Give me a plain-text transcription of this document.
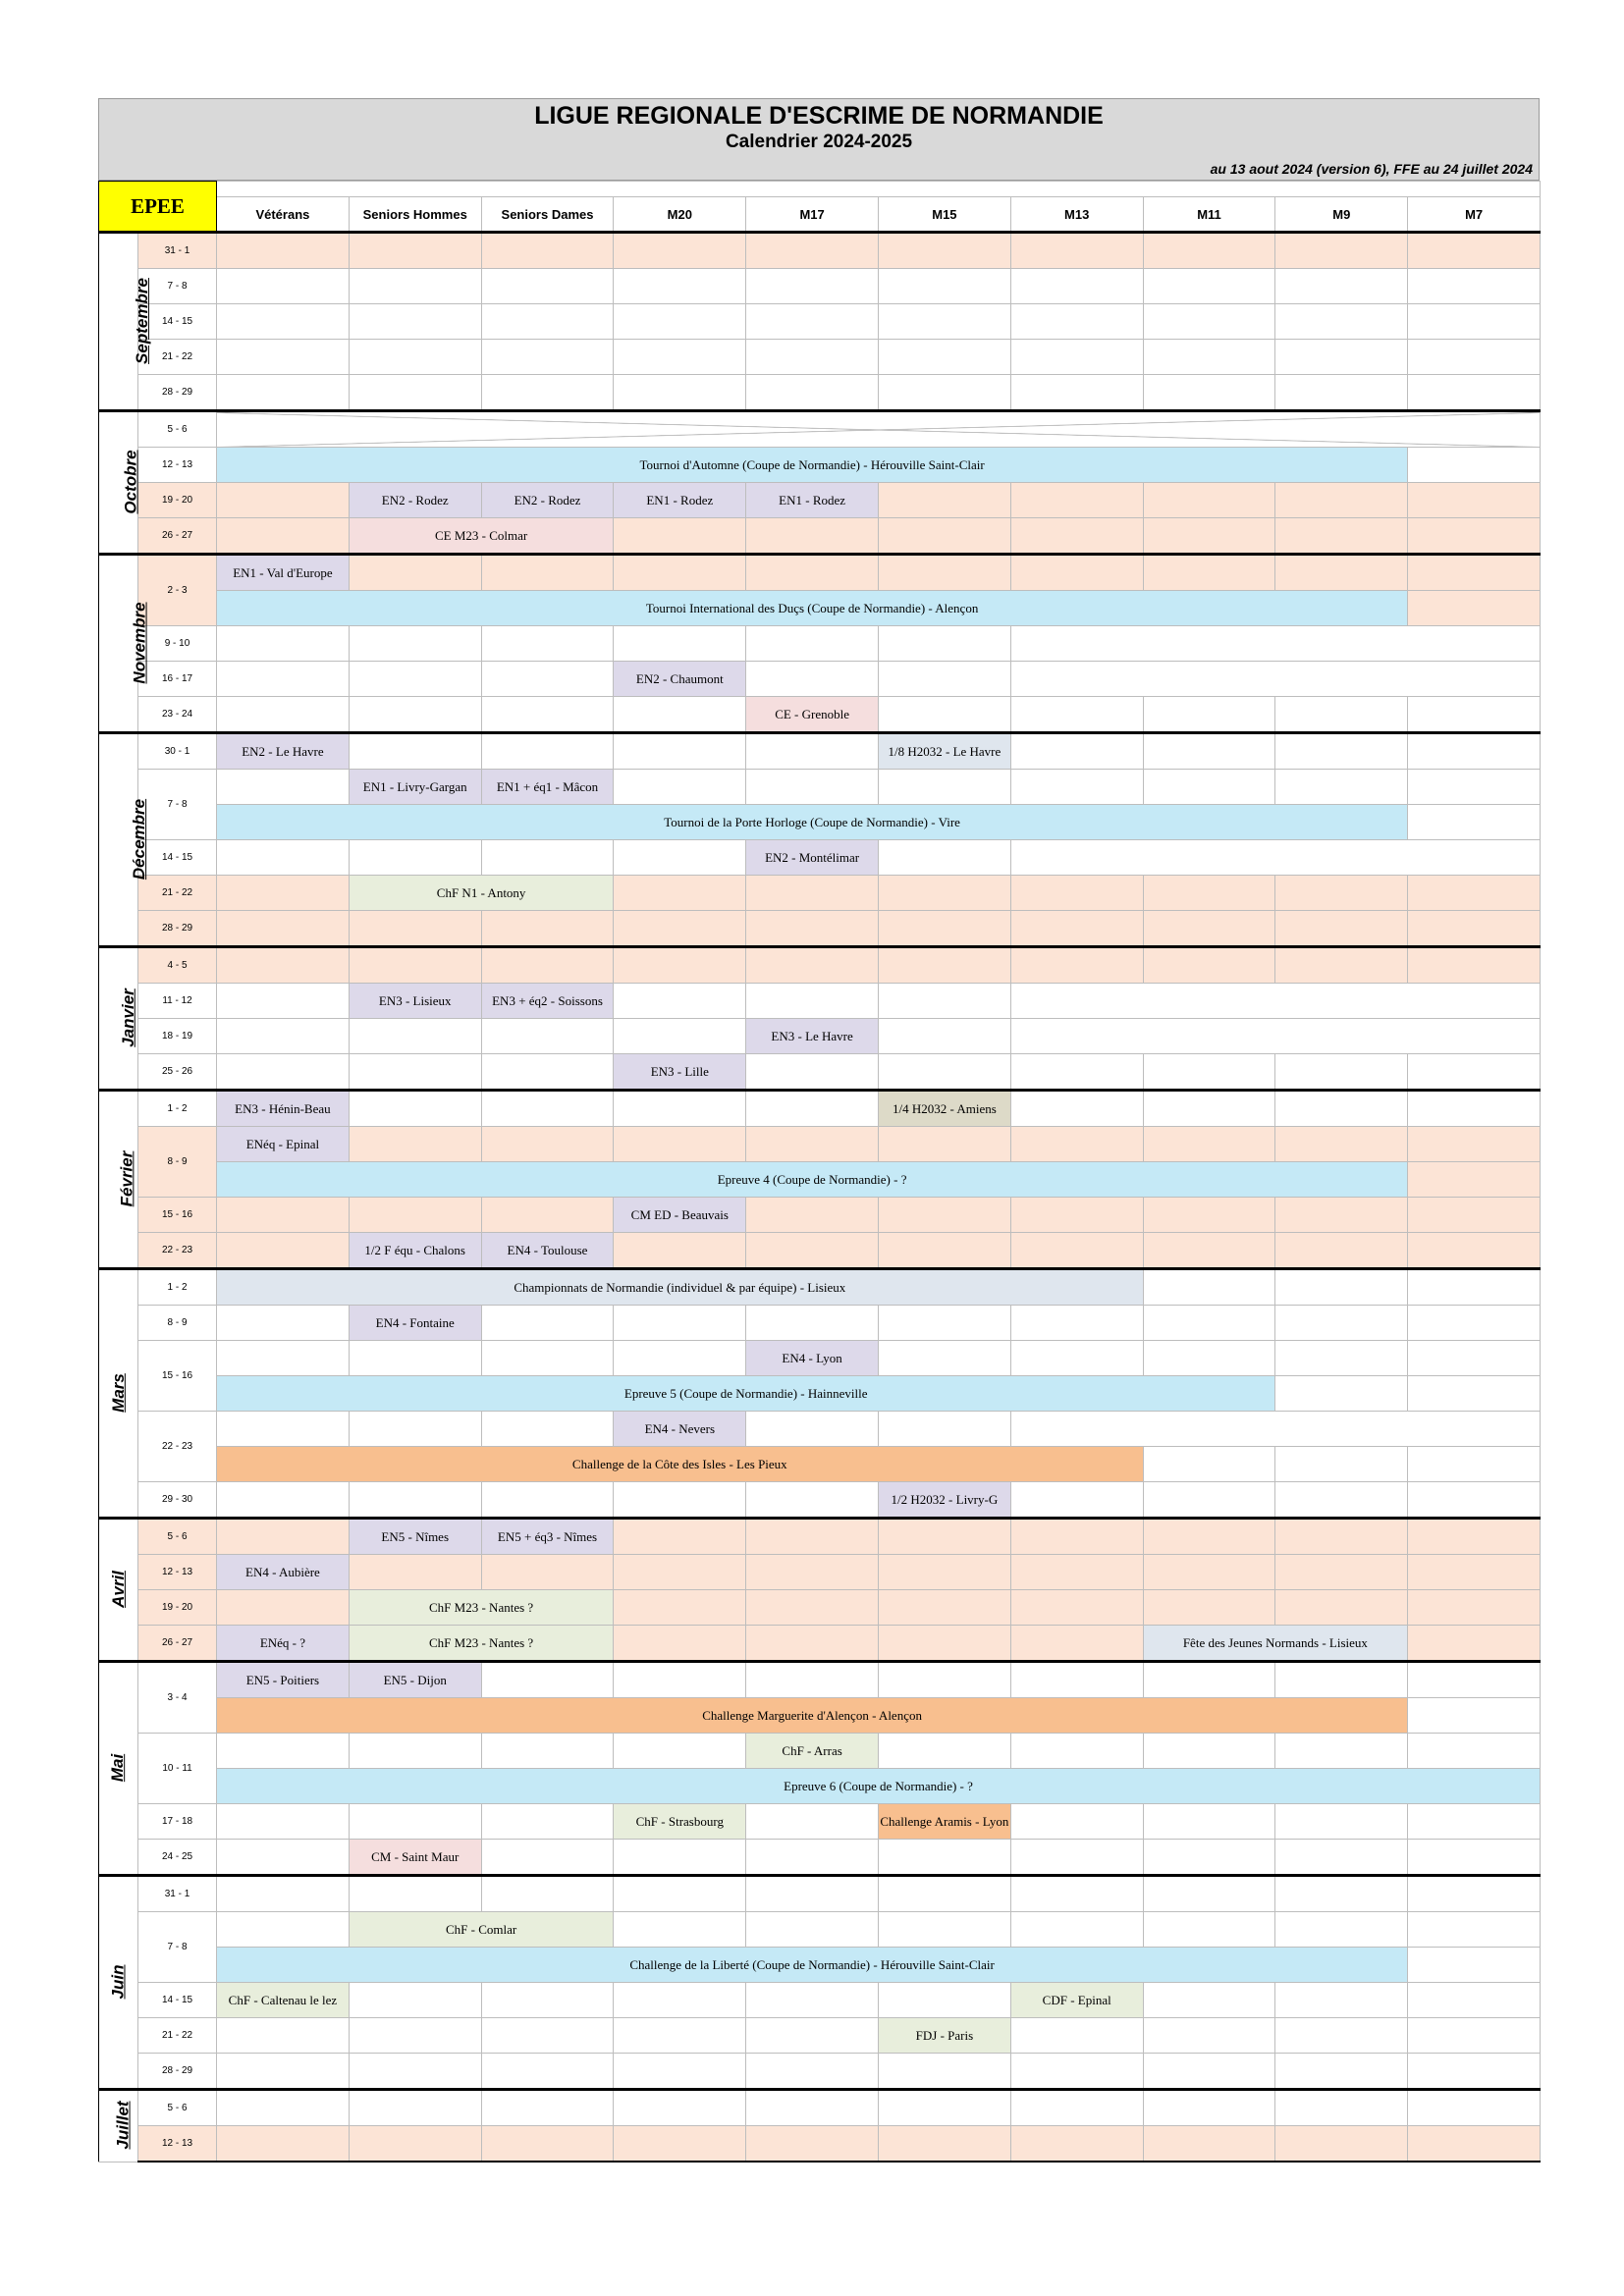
LIGUE REGIONALE D'ESCRIME DE NORMANDIE
Calendrier 2024-2025
au 13 aout 2024 (version 6), FFE au 24 juillet 2024
EPEE											
		Vétérans	Seniors Hommes	Seniors Dames	M20	M17	M15	M13	M11	M9	M7
Septembre	31 - 1										
	7 - 8										
	14 - 15										
	21 - 22										
	28 - 29										
Octobre	5 - 6										
	12 - 13	Tournoi d'Automne (Coupe de Normandie) - Hérouville Saint-Clair									
	19 - 20		EN2 - Rodez	EN2 - Rodez	EN1 - Rodez	EN1 - Rodez					
	26 - 27		CE M23 - Colmar								
Novembre	2 - 3	EN1 - Val d'Europe									
		Tournoi International des Duçs (Coupe de Normandie) - Alençon									
	9 - 10										
	16 - 17				EN2 - Chaumont						
	23 - 24					CE - Grenoble					
Décembre	30 - 1	EN2 - Le Havre					1/8 H2032 - Le Havre				
	7 - 8		EN1 - Livry-Gargan	EN1 + éq1 - Mâcon							
		Tournoi de la Porte Horloge (Coupe de Normandie) - Vire									
	14 - 15					EN2 - Montélimar					
	21 - 22		ChF N1 - Antony								
	28 - 29										
Janvier	4 - 5										
	11 - 12		EN3 - Lisieux	EN3 + éq2 - Soissons							
	18 - 19					EN3 - Le Havre					
	25 - 26				EN3 - Lille						
Février	1 - 2	EN3 - Hénin-Beau					1/4 H2032 - Amiens				
	8 - 9	ENéq - Epinal									
		Epreuve 4 (Coupe de Normandie) - ?									
	15 - 16				CM ED - Beauvais						
	22 - 23		1/2 F équ - Chalons	EN4 - Toulouse							
Mars	1 - 2	Championnats de Normandie (individuel & par équipe) - Lisieux									
	8 - 9		EN4 - Fontaine								
	15 - 16					EN4 - Lyon					
		Epreuve 5 (Coupe de Normandie) - Hainneville									
	22 - 23				EN4 - Nevers						
		Challenge de la Côte des Isles - Les Pieux									
	29 - 30						1/2 H2032 - Livry-G				
Avril	5 - 6		EN5 - Nîmes	EN5 + éq3 - Nîmes							
	12 - 13	EN4 - Aubière									
	19 - 20		ChF M23 - Nantes ?								
	26 - 27	ENéq - ?	ChF M23 - Nantes ?						Fête des Jeunes Normands - Lisieux		
Mai	3 - 4	EN5 - Poitiers	EN5 - Dijon								
		Challenge Marguerite d'Alençon - Alençon									
	10 - 11					ChF - Arras					
		Epreuve 6 (Coupe de Normandie) - ?									
	17 - 18				ChF - Strasbourg		Challenge Aramis - Lyon				
	24 - 25		CM - Saint Maur								
Juin	31 - 1										
	7 - 8		ChF - Comlar								
		Challenge de la Liberté (Coupe de Normandie) - Hérouville Saint-Clair									
	14 - 15	ChF - Caltenau le lez						CDF - Epinal			
	21 - 22						FDJ - Paris				
	28 - 29										
Juillet	5 - 6										
	12 - 13										
